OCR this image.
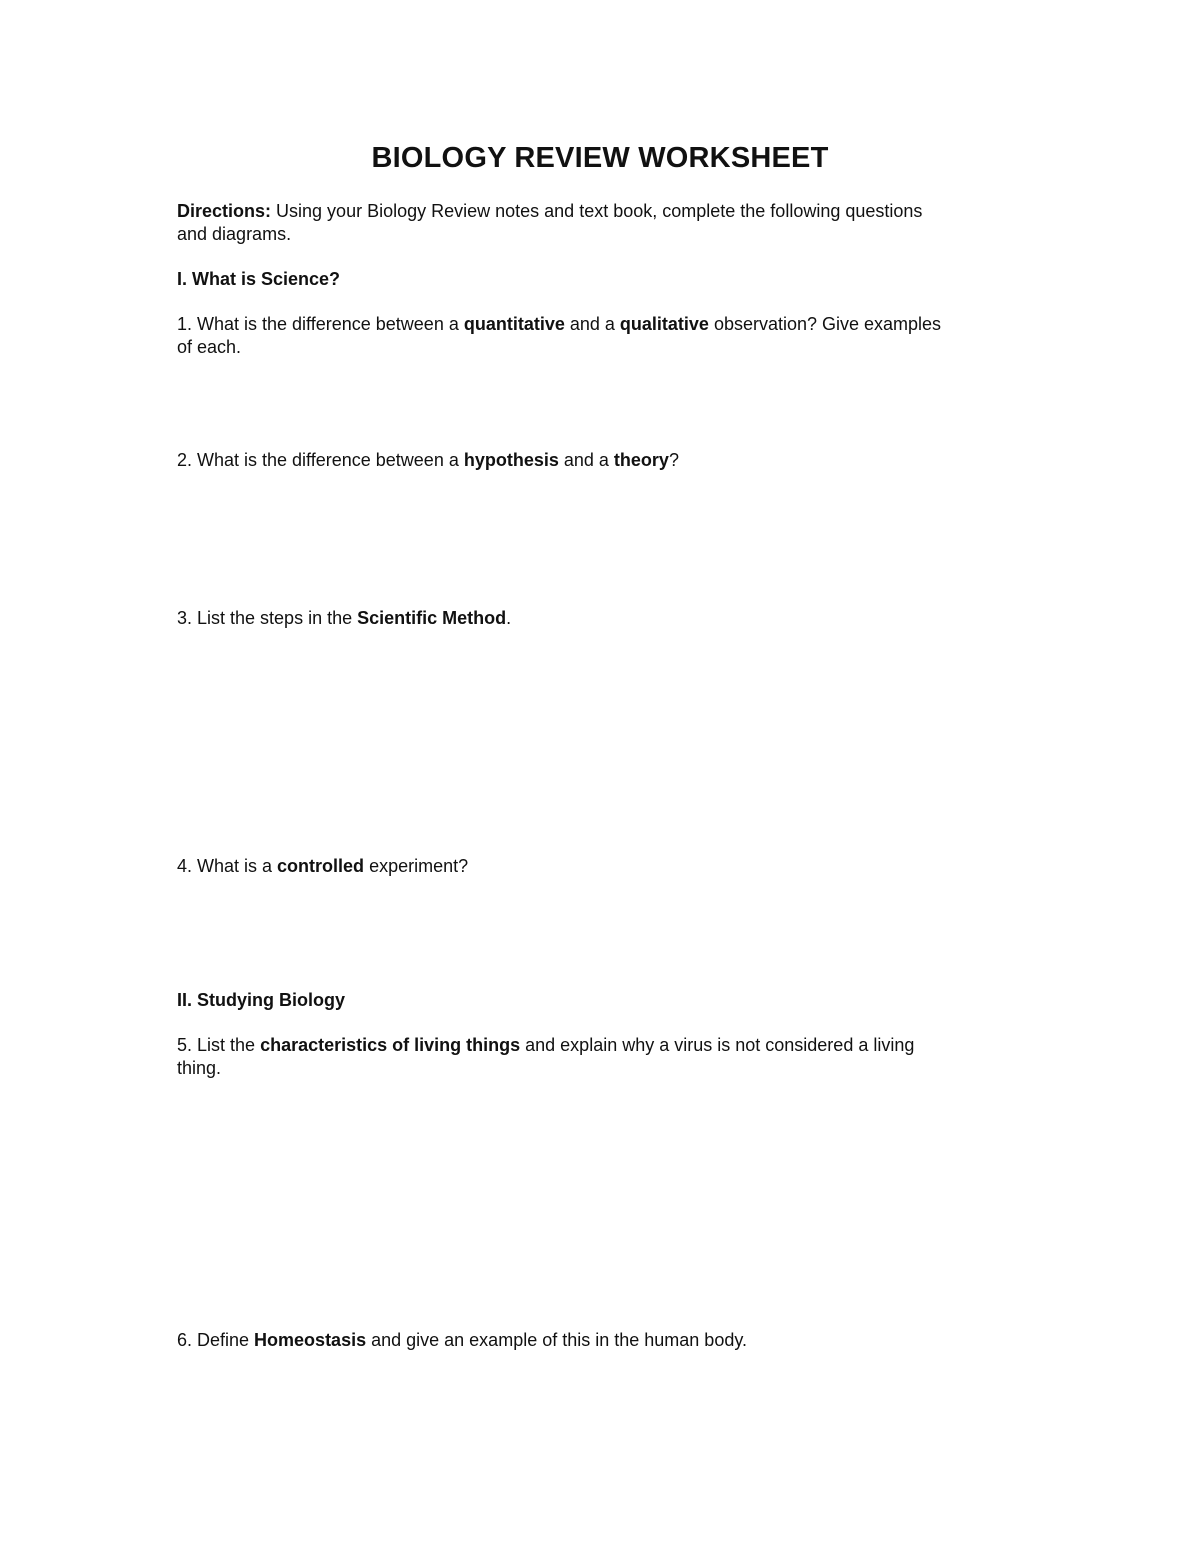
BIOLOGY REVIEW WORKSHEET
Directions: Using your Biology Review notes and text book, complete the following questions
and diagrams.
I. What is Science?
1. What is the difference between a quantitative and a qualitative observation? Give examples
of each.
2. What is the difference between a hypothesis and a theory?
3. List the steps in the Scientific Method.
4. What is a controlled experiment?
II. Studying Biology
5. List the characteristics of living things and explain why a virus is not considered a living
thing.
6. Define Homeostasis and give an example of this in the human body.
